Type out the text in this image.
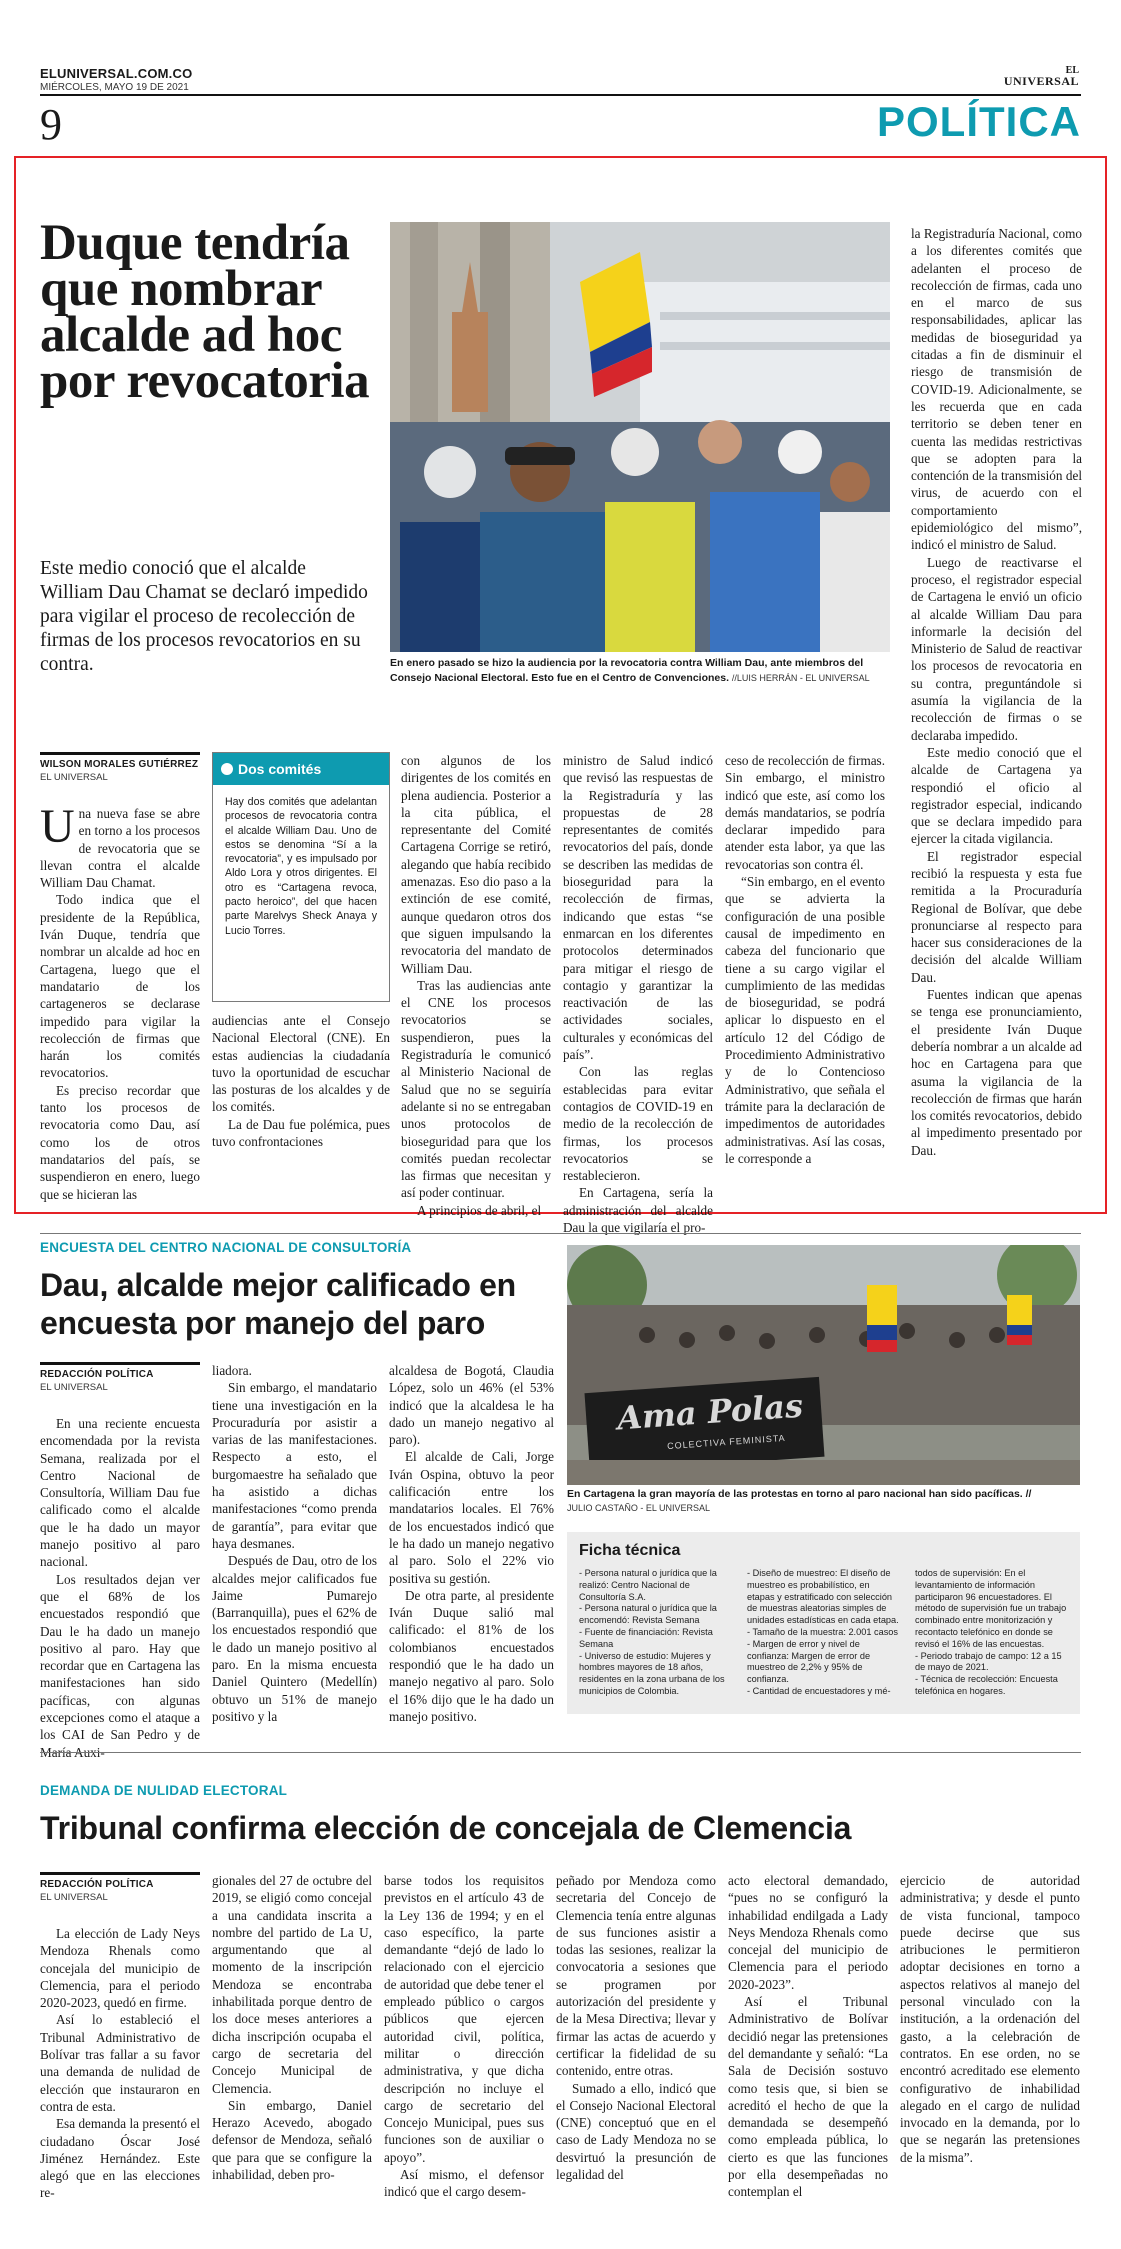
ELUNIVERSAL.COM.CO
MIÉRCOLES, MAYO 19 DE 2021
EL
UNIVERSAL
9	POLÍTICA
Duque tendría que nombrar alcalde ad hoc por revocatoria
Este medio conoció que el alcalde William Dau Chamat se declaró impedido para vigilar el proceso de recolección de firmas de los procesos revocatorios en su contra.	En enero pasado se hizo la audiencia por la revocatoria contra William Dau, ante miembros del Consejo Nacional Electoral. Esto fue en el Centro de Convenciones. //LUIS HERRÁN - EL UNIVERSAL
WILSON MORALES GUTIÉRREZ
EL UNIVERSAL
Dos comités
Hay dos comités que adelantan procesos de revocatoria contra el alcalde William Dau. Uno de estos se denomina “Sí a la revocatoria”, y es impulsado por Aldo Lora y otros dirigentes. El otro es “Cartagena revoca, pacto heroico”, del que hacen parte Marelvys Sheck Anaya y Lucio Torres.

Una nueva fase se abre en torno a los procesos de revocatoria que se llevan contra el alcalde William Dau Chamat.

Todo indica que el presidente de la República, Iván Duque, tendría que nombrar un alcalde ad hoc en Cartagena, luego que el mandatario de los cartageneros se declarase impedido para vigilar la recolección de firmas que harán los comités revocatorios.

Es preciso recordar que tanto los procesos de revocatoria como Dau, así como los de otros mandatarios del país, se suspendieron en enero, luego que se hicieran las

audiencias ante el Consejo Nacional Electoral (CNE). En estas audiencias la ciudadanía tuvo la oportunidad de escuchar las posturas de los alcaldes y de los comités.

La de Dau fue polémica, pues tuvo confrontaciones

con algunos de los dirigentes de los comités en plena audiencia. Posterior a la cita pública, el representante del Comité Cartagena Corrige se retiró, alegando que había recibido amenazas. Eso dio paso a la extinción de ese comité, aunque quedaron otros dos que siguen impulsando la revocatoria del mandato de William Dau.

Tras las audiencias ante el CNE los procesos revocatorios se suspendieron, pues la Registraduría le comunicó al Ministerio Nacional de Salud que no se seguiría adelante si no se entregaban unos protocolos de bioseguridad para que los comités puedan recolectar las firmas que necesitan y así poder continuar.

A principios de abril, el

ministro de Salud indicó que revisó las respuestas de la Registraduría y las propuestas de 28 representantes de comités revocatorios del país, donde se describen las medidas de bioseguridad para la recolección de firmas, indicando que estas “se enmarcan en los diferentes protocolos determinados para mitigar el riesgo de contagio y garantizar la reactivación de las actividades sociales, culturales y económicas del país”.

Con las reglas establecidas para evitar contagios de COVID-19 en medio de la recolección de firmas, los procesos revocatorios se restablecieron.

En Cartagena, sería la administración del alcalde Dau la que vigilaría el pro-

ceso de recolección de firmas. Sin embargo, el ministro indicó que este, así como los demás mandatarios, se podría declarar impedido para atender esta labor, ya que las revocatorias son contra él.

“Sin embargo, en el evento que se advierta la configuración de una posible causal de impedimento en cabeza del funcionario que tiene a su cargo vigilar el cumplimiento de las medidas de bioseguridad, se podrá aplicar lo dispuesto en el artículo 12 del Código de Procedimiento Administrativo y de lo Contencioso Administrativo, que señala el trámite para la declaración de impedimentos de autoridades administrativas. Así las cosas, le corresponde a

la Registraduría Nacional, como a los diferentes comités que adelanten el proceso de recolección de firmas, cada uno en el marco de sus responsabilidades, aplicar las medidas de bioseguridad ya citadas a fin de disminuir el riesgo de transmisión de COVID-19. Adicionalmente, se les recuerda que en cada territorio se deben tener en cuenta las medidas restrictivas que se adopten para la contención de la transmisión del virus, de acuerdo con el comportamiento epidemiológico del mismo”, indicó el ministro de Salud.

Luego de reactivarse el proceso, el registrador especial de Cartagena le envió un oficio al alcalde William Dau para informarle la decisión del Ministerio de Salud de reactivar los procesos de revocatoria en su contra, preguntándole si asumía la vigilancia de la recolección de firmas o se declaraba impedido.

Este medio conoció que el alcalde de Cartagena ya respondió el oficio al registrador especial, indicando que se declara impedido para ejercer la citada vigilancia.

El registrador especial recibió la respuesta y esta fue remitida a la Procuraduría Regional de Bolívar, que debe pronunciarse al respecto para hacer sus consideraciones de la decisión del alcalde William Dau.

Fuentes indican que apenas se tenga ese pronunciamiento, el presidente Iván Duque debería nombrar a un alcalde ad hoc en Cartagena para que asuma la vigilancia de la recolección de firmas que harán los comités revocatorios, debido al impedimento presentado por Dau.

ENCUESTA DEL CENTRO NACIONAL DE CONSULTORÍA
Dau, alcalde mejor calificado en encuesta por manejo del paro
REDACCIÓN POLÍTICA
EL UNIVERSAL

En una reciente encuesta encomendada por la revista Semana, realizada por el Centro Nacional de Consultoría, William Dau fue calificado como el alcalde que le ha dado un mayor manejo positivo al paro nacional.

Los resultados dejan ver que el 68% de los encuestados respondió que Dau le ha dado un manejo positivo al paro. Hay que recordar que en Cartagena las manifestaciones han sido pacíficas, con algunas excepciones como el ataque a los CAI de San Pedro y de María Auxi-

liadora.

Sin embargo, el mandatario tiene una investigación en la Procuraduría por asistir a varias de las manifestaciones. Respecto a esto, el burgomaestre ha señalado que ha asistido a dichas manifestaciones “como prenda de garantía”, para evitar que haya desmanes.

Después de Dau, otro de los alcaldes mejor calificados fue Jaime Pumarejo (Barranquilla), pues el 62% de los encuestados respondió que le dado un manejo positivo al paro. En la misma encuesta Daniel Quintero (Medellín) obtuvo un 51% de manejo positivo y la

alcaldesa de Bogotá, Claudia López, solo un 46% (el 53% indicó que la alcaldesa le ha dado un manejo negativo al paro).

El alcalde de Cali, Jorge Iván Ospina, obtuvo la peor calificación entre los mandatarios locales. El 76% de los encuestados indicó que le ha dado un manejo negativo al paro. Solo el 22% vio positiva su gestión.

De otra parte, al presidente Iván Duque salió mal calificado: el 81% de los colombianos encuestados respondió que le ha dado un manejo negativo al paro. Solo el 16% dijo que le ha dado un manejo positivo.

Ama Polas
COLECTIVA FEMINISTA
En Cartagena la gran mayoría de las protestas en torno al paro nacional han sido pacíficas. //
JULIO CASTAÑO - EL UNIVERSAL
Ficha técnica
- Persona natural o jurídica que la realizó: Centro Nacional de Consultoría S.A.
- Persona natural o jurídica que la encomendó: Revista Semana
- Fuente de financiación: Revista Semana
- Universo de estudio: Mujeres y hombres mayores de 18 años, residentes en la zona urbana de los municipios de Colombia.
- Diseño de muestreo: El diseño de muestreo es probabilístico, en etapas y estratificado con selección de muestras aleatorias simples de unidades estadísticas en cada etapa.
- Tamaño de la muestra: 2.001 casos
- Margen de error y nivel de confianza: Margen de error de muestreo de 2,2% y 95% de confianza.
- Cantidad de encuestadores y mé-
todos de supervisión: En el levantamiento de información participaron 96 encuestadores. El método de supervisión fue un trabajo combinado entre monitorización y recontacto telefónico en donde se revisó el 16% de las encuestas.
- Periodo trabajo de campo: 12 a 15 de mayo de 2021.
- Técnica de recolección: Encuesta telefónica en hogares.
DEMANDA DE NULIDAD ELECTORAL
Tribunal confirma elección de concejala de Clemencia
REDACCIÓN POLÍTICA
EL UNIVERSAL

La elección de Lady Neys Mendoza Rhenals como concejala del municipio de Clemencia, para el periodo 2020-2023, quedó en firme.

Así lo estableció el Tribunal Administrativo de Bolívar tras fallar a su favor una demanda de nulidad de elección que instauraron en contra de esta.

Esa demanda la presentó el ciudadano Óscar José Jiménez Hernández. Este alegó que en las elecciones re-

gionales del 27 de octubre del 2019, se eligió como concejal a una candidata inscrita a nombre del partido de La U, argumentando que al momento de la inscripción Mendoza se encontraba inhabilitada porque dentro de los doce meses anteriores a dicha inscripción ocupaba el cargo de secretaria del Concejo Municipal de Clemencia.

Sin embargo, Daniel Herazo Acevedo, abogado defensor de Mendoza, señaló que para que se configure la inhabilidad, deben pro-

barse todos los requisitos previstos en el artículo 43 de la Ley 136 de 1994; y en el caso específico, la parte demandante “dejó de lado lo relacionado con el ejercicio de autoridad que debe tener el empleado público o cargos públicos que ejercen autoridad civil, política, militar o dirección administrativa, y que dicha descripción no incluye el cargo de secretario del Concejo Municipal, pues sus funciones son de auxiliar o apoyo”.

Así mismo, el defensor indicó que el cargo desem-

peñado por Mendoza como secretaria del Concejo de Clemencia tenía entre algunas de sus funciones asistir a todas las sesiones, realizar la convocatoria a sesiones que se programen por autorización del presidente y de la Mesa Directiva; llevar y firmar las actas de acuerdo y certificar la fidelidad de su contenido, entre otras.

Sumado a ello, indicó que el Consejo Nacional Electoral (CNE) conceptuó que en el caso de Lady Mendoza no se desvirtuó la presunción de legalidad del

acto electoral demandado, “pues no se configuró la inhabilidad endilgada a Lady Neys Mendoza Rhenals como concejal del municipio de Clemencia para el periodo 2020-2023”.

Así el Tribunal Administrativo de Bolívar decidió negar las pretensiones del demandante y señaló: “La Sala de Decisión sostuvo como tesis que, si bien se acreditó el hecho de que la demandada se desempeñó como empleada pública, lo cierto es que las funciones por ella desempeñadas no contemplan el

ejercicio de autoridad administrativa; y desde el punto de vista funcional, tampoco puede decirse que sus atribuciones le permitieron adoptar decisiones en torno a aspectos relativos al manejo del personal vinculado con la institución, a la ordenación del gasto, a la celebración de contratos. En ese orden, no se encontró acreditado ese elemento configurativo de inhabilidad alegado en el cargo de nulidad invocado en la demanda, por lo que se negarán las pretensiones de la misma”.
